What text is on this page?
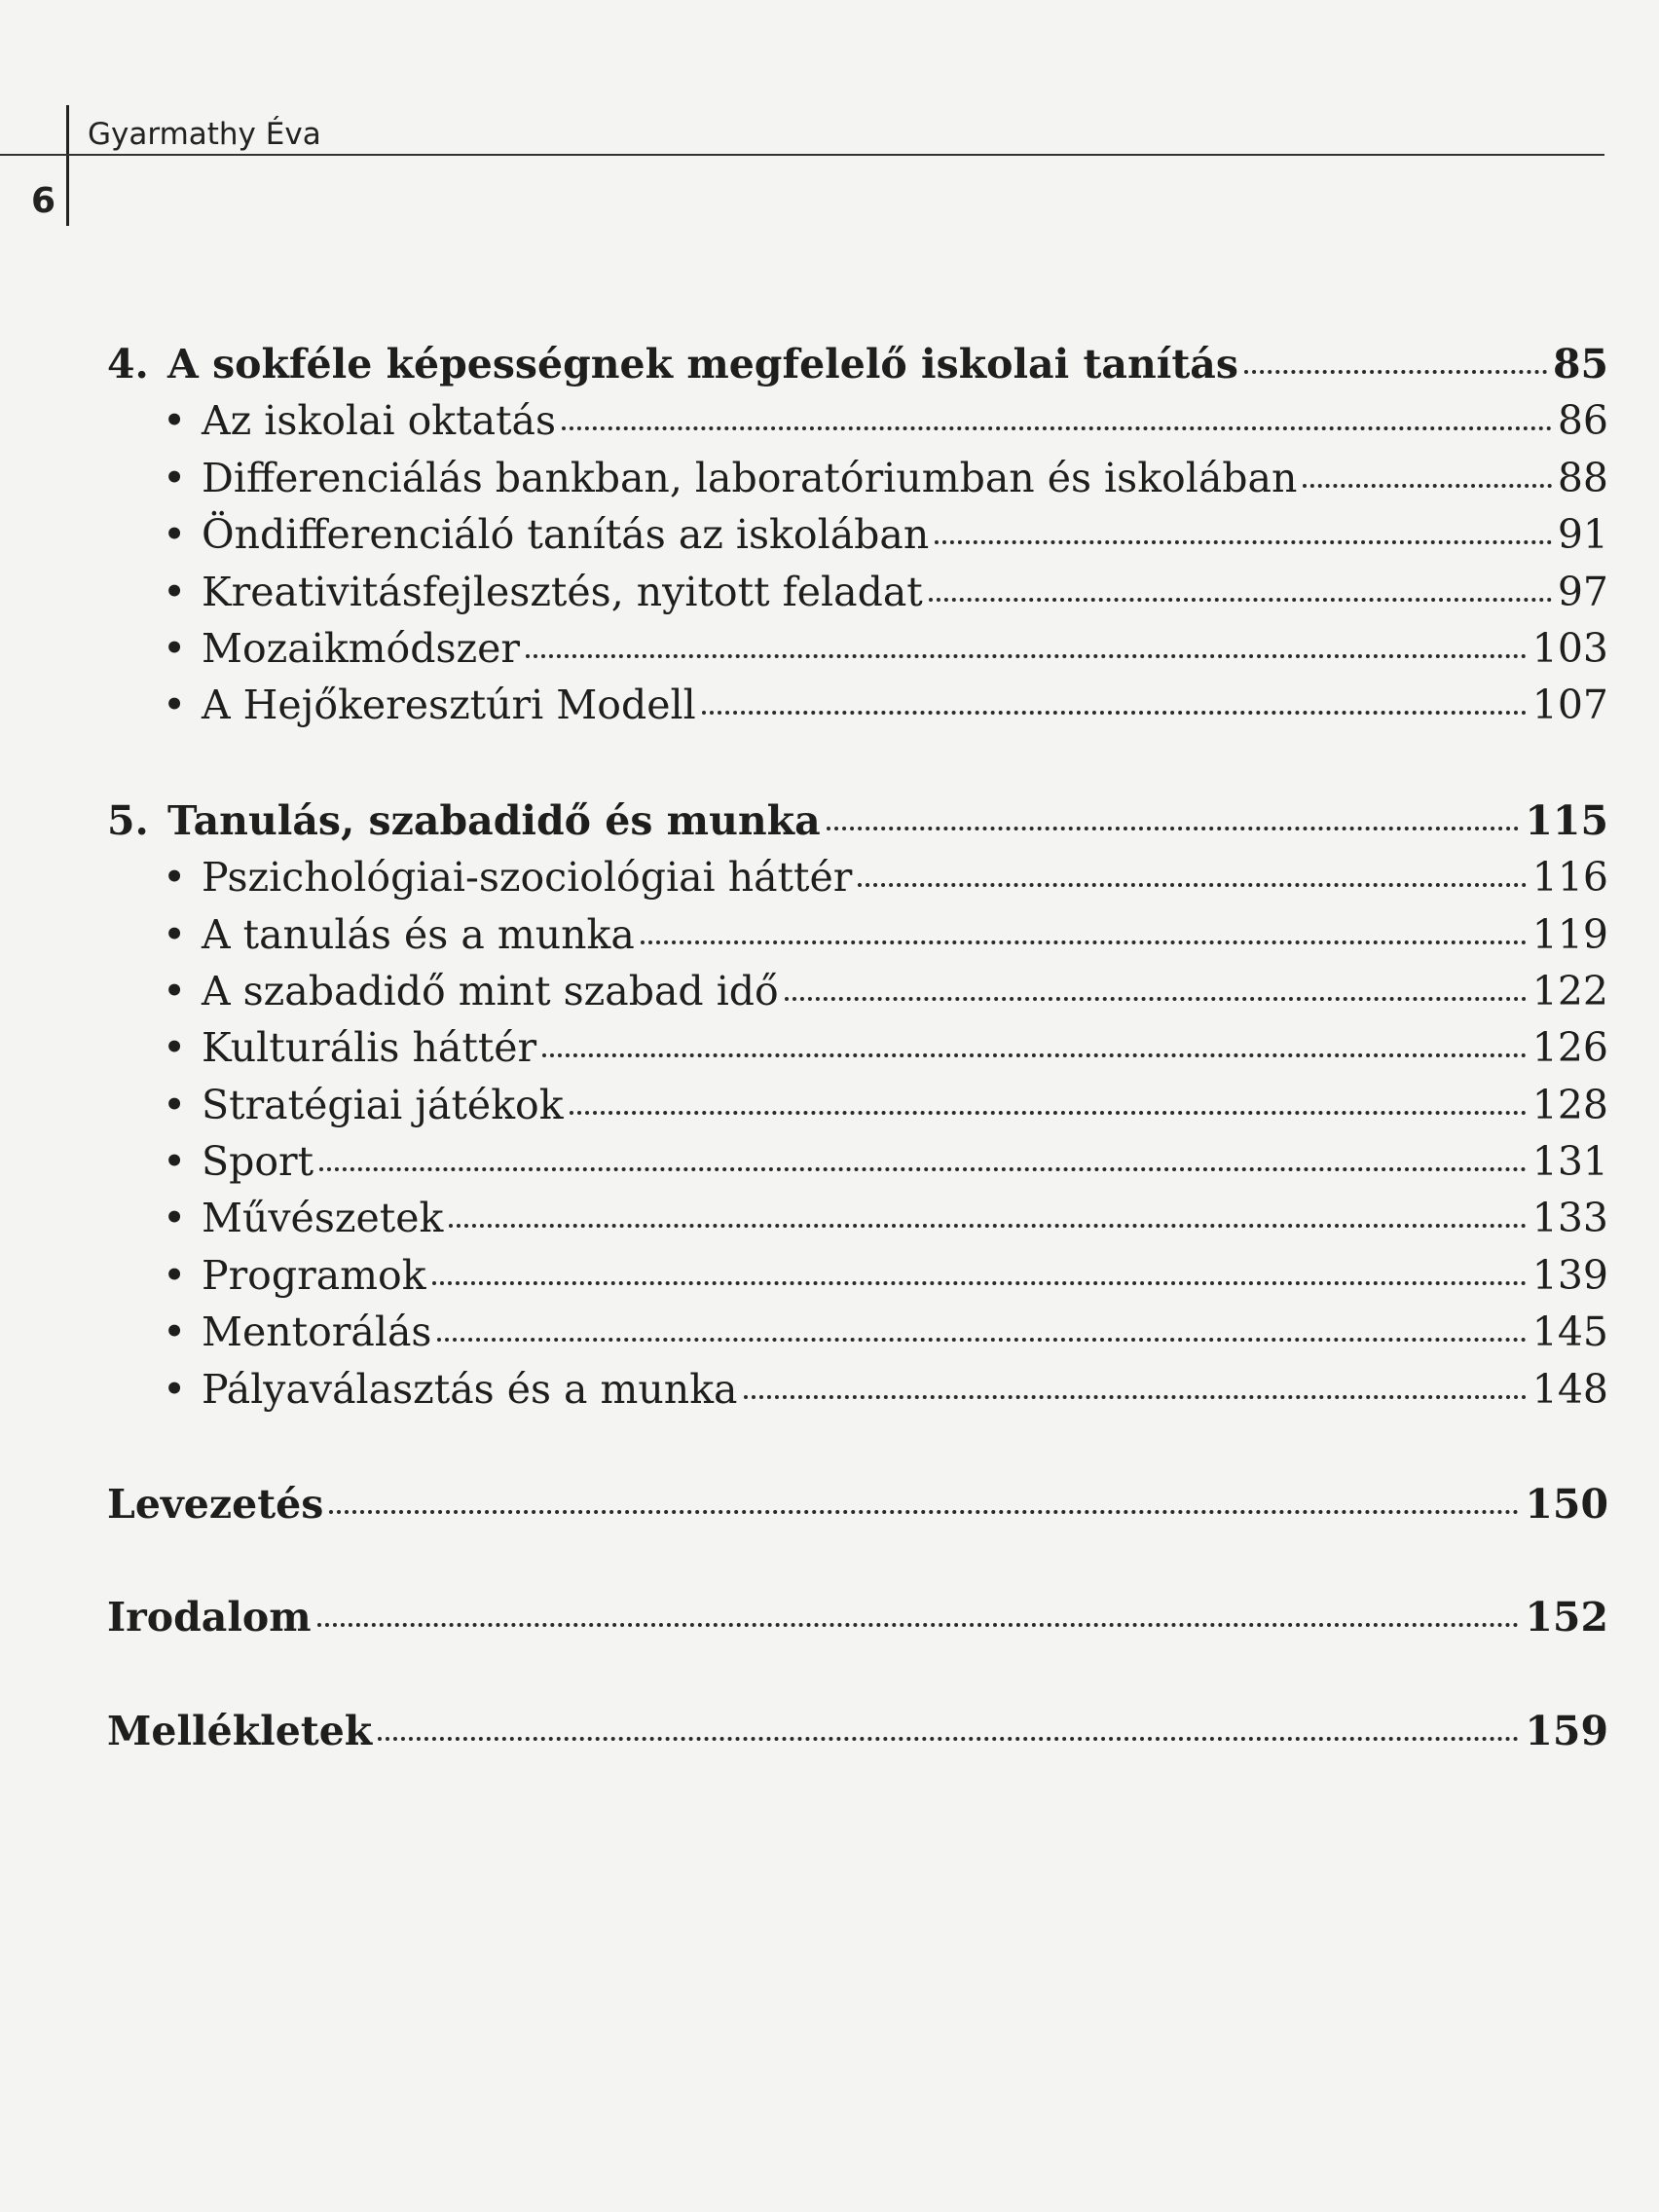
Gyarmathy Éva
6
4. A sokféle képességnek megfelelő iskolai tanítás	85
• Az iskolai oktatás	86
• Differenciálás bankban, laboratóriumban és iskolában	88
• Öndifferenciáló tanítás az iskolában	91
• Kreativitásfejlesztés, nyitott feladat	97
• Mozaikmódszer	103
• A Hejőkeresztúri Modell	107
5. Tanulás, szabadidő és munka	115
• Pszichológiai-szociológiai háttér	116
• A tanulás és a munka	119
• A szabadidő mint szabad idő	122
• Kulturális háttér	126
• Stratégiai játékok	128
• Sport	131
• Művészetek	133
• Programok	139
• Mentorálás	145
• Pályaválasztás és a munka	148
Levezetés	150
Irodalom	152
Mellékletek	159
